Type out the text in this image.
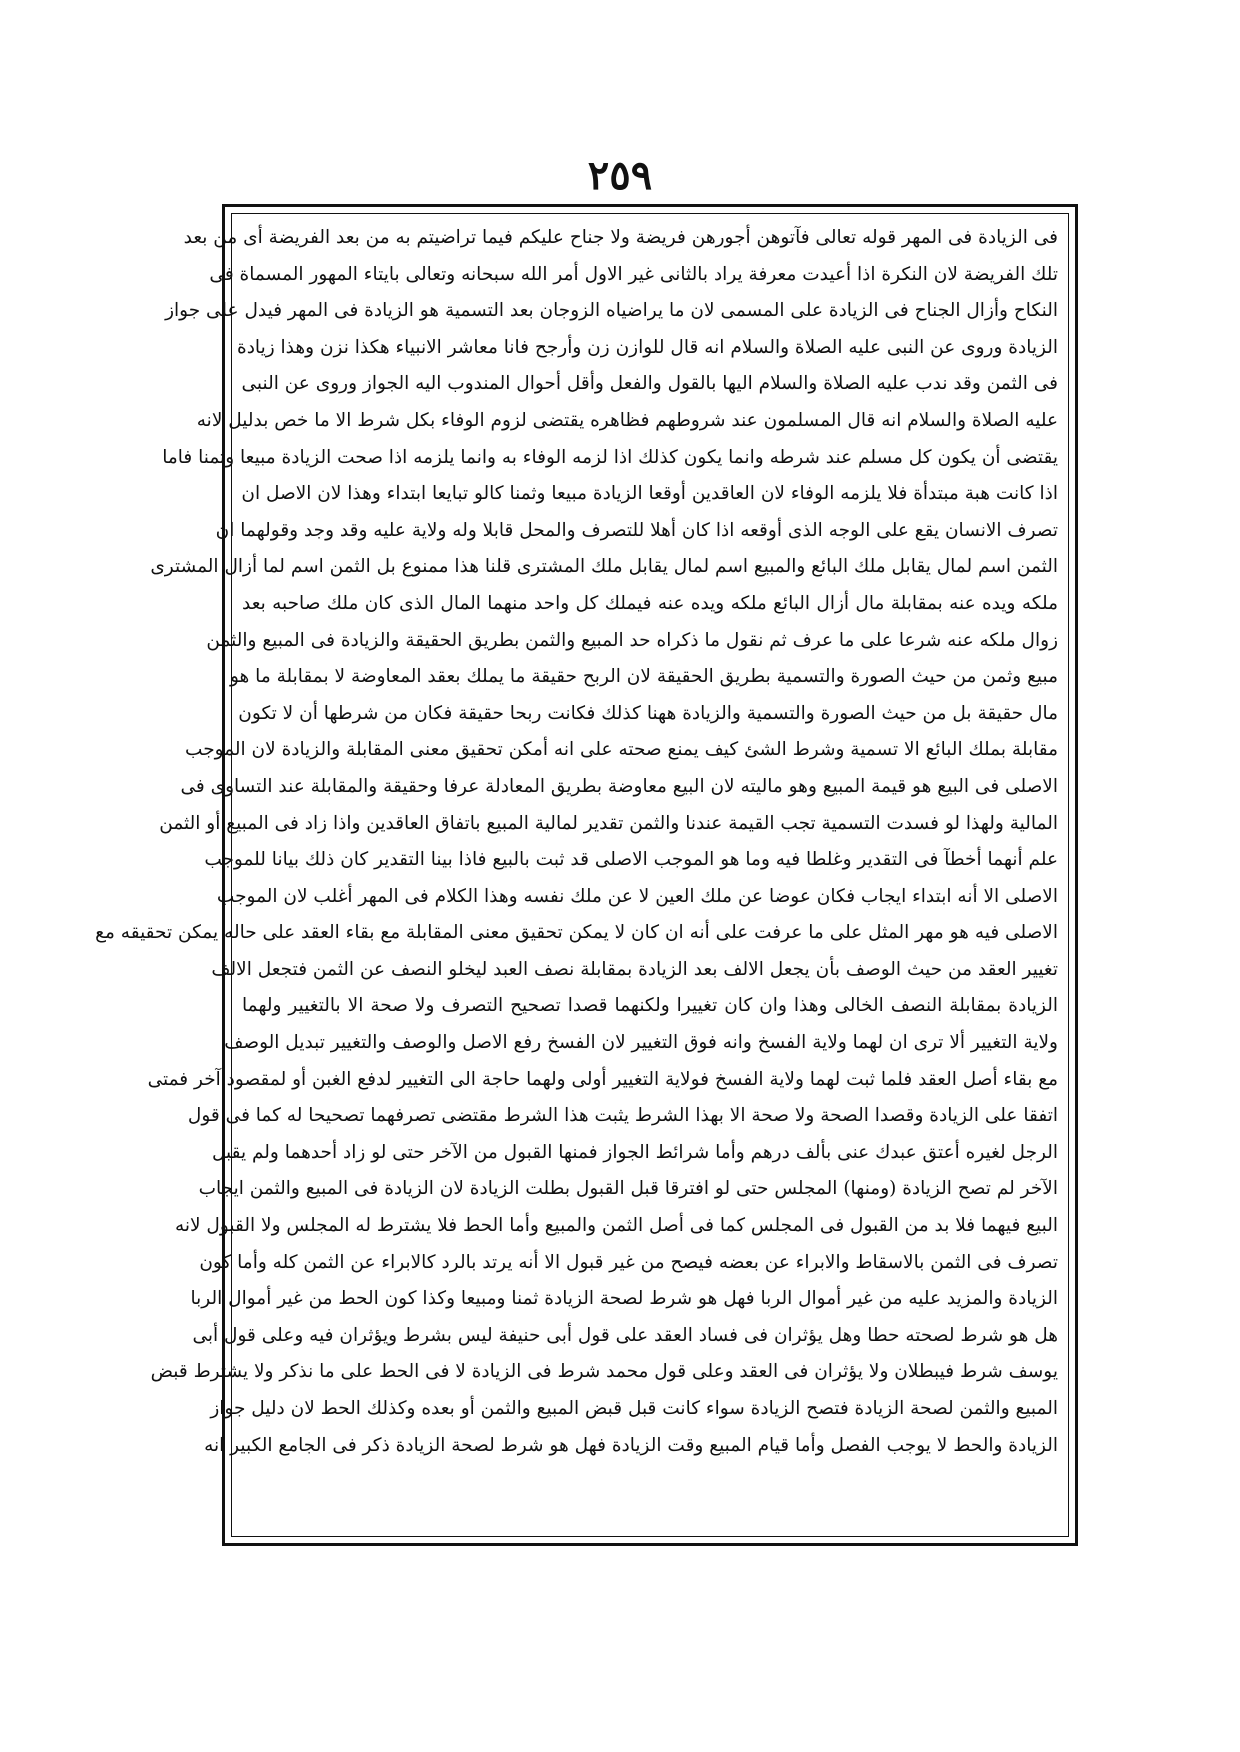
٢٥٩
فى الزيادة فى المهر قوله تعالى فآتوهن أجورهن فريضة ولا جناح عليكم فيما تراضيتم به من بعد الفريضة أى من بعد
تلك الفريضة لان النكرة اذا أعيدت معرفة يراد بالثانى غير الاول أمر الله سبحانه وتعالى بايتاء المهور المسماة فى
النكاح وأزال الجناح فى الزيادة على المسمى لان ما يراضياه الزوجان بعد التسمية هو الزيادة فى المهر فيدل على جواز
الزيادة وروى عن النبى عليه الصلاة والسلام انه قال للوازن زن وأرجح فانا معاشر الانبياء هكذا نزن وهذا زيادة
فى الثمن وقد ندب عليه الصلاة والسلام اليها بالقول والفعل وأقل أحوال المندوب اليه الجواز وروى عن النبى
عليه الصلاة والسلام انه قال المسلمون عند شروطهم فظاهره يقتضى لزوم الوفاء بكل شرط الا ما خص بدليل لانه
يقتضى أن يكون كل مسلم عند شرطه وانما يكون كذلك اذا لزمه الوفاء به وانما يلزمه اذا صحت الزيادة مبيعا وثمنا فاما
اذا كانت هبة مبتدأة فلا يلزمه الوفاء لان العاقدين أوقعا الزيادة مبيعا وثمنا كالو تبايعا ابتداء وهذا لان الاصل ان
تصرف الانسان يقع على الوجه الذى أوقعه اذا كان أهلا للتصرف والمحل قابلا وله ولاية عليه وقد وجد وقولهما ان
الثمن اسم لمال يقابل ملك البائع والمبيع اسم لمال يقابل ملك المشترى قلنا هذا ممنوع بل الثمن اسم لما أزال المشترى
ملكه ويده عنه بمقابلة مال أزال البائع ملكه ويده عنه فيملك كل واحد منهما المال الذى كان ملك صاحبه بعد
زوال ملكه عنه شرعا على ما عرف ثم نقول ما ذكراه حد المبيع والثمن بطريق الحقيقة والزيادة فى المبيع والثمن
مبيع وثمن من حيث الصورة والتسمية بطريق الحقيقة لان الربح حقيقة ما يملك بعقد المعاوضة لا بمقابلة ما هو
مال حقيقة بل من حيث الصورة والتسمية والزيادة ههنا كذلك فكانت ربحا حقيقة فكان من شرطها أن لا تكون
مقابلة بملك البائع الا تسمية وشرط الشئ كيف يمنع صحته على انه أمكن تحقيق معنى المقابلة والزيادة لان الموجب
الاصلى فى البيع هو قيمة المبيع وهو ماليته لان البيع معاوضة بطريق المعادلة عرفا وحقيقة والمقابلة عند التساوى فى
المالية ولهذا لو فسدت التسمية تجب القيمة عندنا والثمن تقدير لمالية المبيع باتفاق العاقدين واذا زاد فى المبيع أو الثمن
علم أنهما أخطآ فى التقدير وغلطا فيه وما هو الموجب الاصلى قد ثبت بالبيع فاذا بينا التقدير كان ذلك بيانا للموجب
الاصلى الا أنه ابتداء ايجاب فكان عوضا عن ملك العين لا عن ملك نفسه وهذا الكلام فى المهر أغلب لان الموجب
الاصلى فيه هو مهر المثل على ما عرفت على أنه ان كان لا يمكن تحقيق معنى المقابلة مع بقاء العقد على حاله يمكن تحقيقه مع
تغيير العقد من حيث الوصف بأن يجعل الالف بعد الزيادة بمقابلة نصف العبد ليخلو النصف عن الثمن فتجعل الالف
الزيادة بمقابلة النصف الخالى وهذا وان كان تغييرا ولكنهما قصدا تصحيح التصرف ولا صحة الا بالتغيير ولهما
ولاية التغيير ألا ترى ان لهما ولاية الفسخ وانه فوق التغيير لان الفسخ رفع الاصل والوصف والتغيير تبديل الوصف
مع بقاء أصل العقد فلما ثبت لهما ولاية الفسخ فولاية التغيير أولى ولهما حاجة الى التغيير لدفع الغبن أو لمقصود آخر فمتى
اتفقا على الزيادة وقصدا الصحة ولا صحة الا بهذا الشرط يثبت هذا الشرط مقتضى تصرفهما تصحيحا له كما فى قول
الرجل لغيره أعتق عبدك عنى بألف درهم وأما شرائط الجواز فمنها القبول من الآخر حتى لو زاد أحدهما ولم يقبل
الآخر لم تصح الزيادة (ومنها) المجلس حتى لو افترقا قبل القبول بطلت الزيادة لان الزيادة فى المبيع والثمن ايجاب
البيع فيهما فلا بد من القبول فى المجلس كما فى أصل الثمن والمبيع وأما الحط فلا يشترط له المجلس ولا القبول لانه
تصرف فى الثمن بالاسقاط والابراء عن بعضه فيصح من غير قبول الا أنه يرتد بالرد كالابراء عن الثمن كله وأما كون
الزيادة والمزيد عليه من غير أموال الربا فهل هو شرط لصحة الزيادة ثمنا ومبيعا وكذا كون الحط من غير أموال الربا
هل هو شرط لصحته حطا وهل يؤثران فى فساد العقد على قول أبى حنيفة ليس بشرط ويؤثران فيه وعلى قول أبى
يوسف شرط فيبطلان ولا يؤثران فى العقد وعلى قول محمد شرط فى الزيادة لا فى الحط على ما نذكر ولا يشترط قبض
المبيع والثمن لصحة الزيادة فتصح الزيادة سواء كانت قبل قبض المبيع والثمن أو بعده وكذلك الحط لان دليل جواز
الزيادة والحط لا يوجب الفصل وأما قيام المبيع وقت الزيادة فهل هو شرط لصحة الزيادة ذكر فى الجامع الكبير انه
